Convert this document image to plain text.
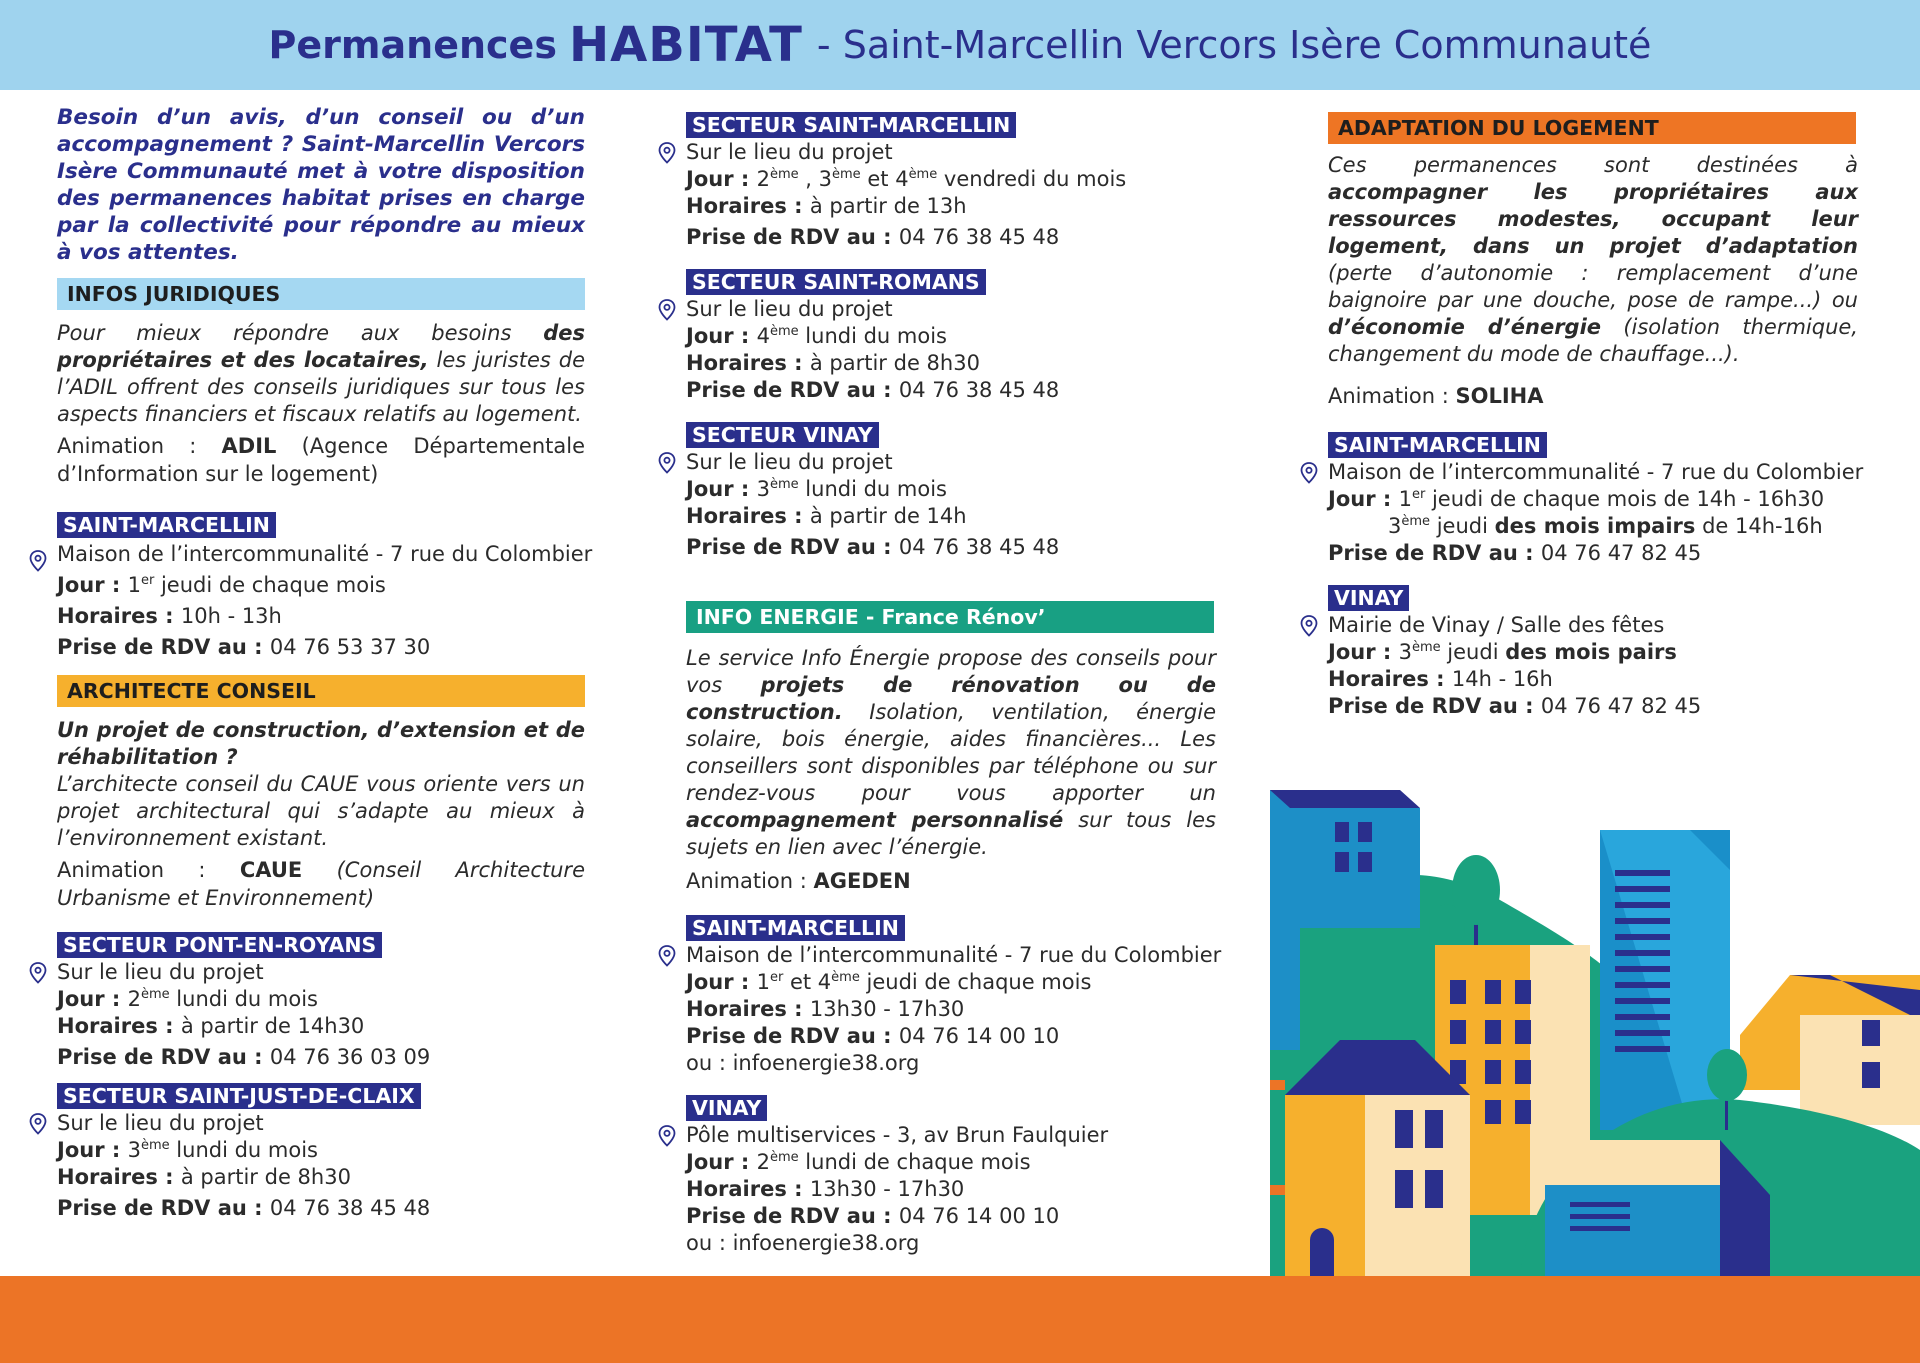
Permanences HABITAT - Saint-Marcellin Vercors Isère Communauté

Besoin d’un avis, d’un conseil ou d’un accompagnement ? Saint-Marcellin Vercors Isère Communauté met à votre disposition des permanences habitat prises en charge par la collectivité pour répondre au mieux à vos attentes.

INFOS JURIDIQUES

Pour mieux répondre aux besoins des propriétaires et des locataires, les juristes de l’ADIL offrent des conseils juridiques sur tous les aspects financiers et fiscaux relatifs au logement.

Animation : ADIL (Agence Départementale d’Information sur le logement)

SAINT-MARCELLIN
Maison de l’intercommunalité - 7 rue du Colombier
Jour : 1er jeudi de chaque mois
Horaires : 10h - 13h
Prise de RDV au : 04 76 53 37 30
ARCHITECTE CONSEIL

Un projet de construction, d’extension et de réhabilitation ?

L’architecte conseil du CAUE vous oriente vers un projet architectural qui s’adapte au mieux à l’environnement existant.

Animation : CAUE (Conseil Architecture Urbanisme et Environnement)

SECTEUR PONT-EN-ROYANS
Sur le lieu du projet
Jour : 2ème lundi du mois
Horaires : à partir de 14h30
Prise de RDV au : 04 76 36 03 09
SECTEUR SAINT-JUST-DE-CLAIX
Sur le lieu du projet
Jour : 3ème lundi du mois
Horaires : à partir de 8h30
Prise de RDV au : 04 76 38 45 48
SECTEUR SAINT-MARCELLIN
Sur le lieu du projet
Jour : 2ème , 3ème et 4ème vendredi du mois
Horaires : à partir de 13h
Prise de RDV au : 04 76 38 45 48
SECTEUR SAINT-ROMANS
Sur le lieu du projet
Jour : 4ème lundi du mois
Horaires : à partir de 8h30
Prise de RDV au : 04 76 38 45 48
SECTEUR VINAY
Sur le lieu du projet
Jour : 3ème lundi du mois
Horaires : à partir de 14h
Prise de RDV au : 04 76 38 45 48
INFO ENERGIE - France Rénov’

Le service Info Énergie propose des conseils pour vos projets de rénovation ou de construction. Isolation, ventilation, énergie solaire, bois énergie, aides financières... Les conseillers sont disponibles par téléphone ou sur rendez-vous pour vous apporter un accompagnement personnalisé sur tous les sujets en lien avec l’énergie.

Animation : AGEDEN

SAINT-MARCELLIN
Maison de l’intercommunalité - 7 rue du Colombier
Jour : 1er et 4ème jeudi de chaque mois
Horaires : 13h30 - 17h30
Prise de RDV au : 04 76 14 00 10
ou : infoenergie38.org
VINAY
Pôle multiservices - 3, av Brun Faulquier
Jour : 2ème lundi de chaque mois
Horaires : 13h30 - 17h30
Prise de RDV au : 04 76 14 00 10
ou : infoenergie38.org
ADAPTATION DU LOGEMENT

Ces permanences sont destinées à accompagner les propriétaires aux ressources modestes, occupant leur logement, dans un projet d’adaptation (perte d’autonomie : remplacement d’une baignoire par une douche, pose de rampe...) ou d’économie d’énergie (isolation thermique, changement du mode de chauffage...).

Animation : SOLIHA

SAINT-MARCELLIN
Maison de l’intercommunalité - 7 rue du Colombier
Jour : 1er jeudi de chaque mois de 14h - 16h30
3ème jeudi des mois impairs de 14h-16h
Prise de RDV au : 04 76 47 82 45
VINAY
Mairie de Vinay / Salle des fêtes
Jour : 3ème jeudi des mois pairs
Horaires : 14h - 16h
Prise de RDV au : 04 76 47 82 45
